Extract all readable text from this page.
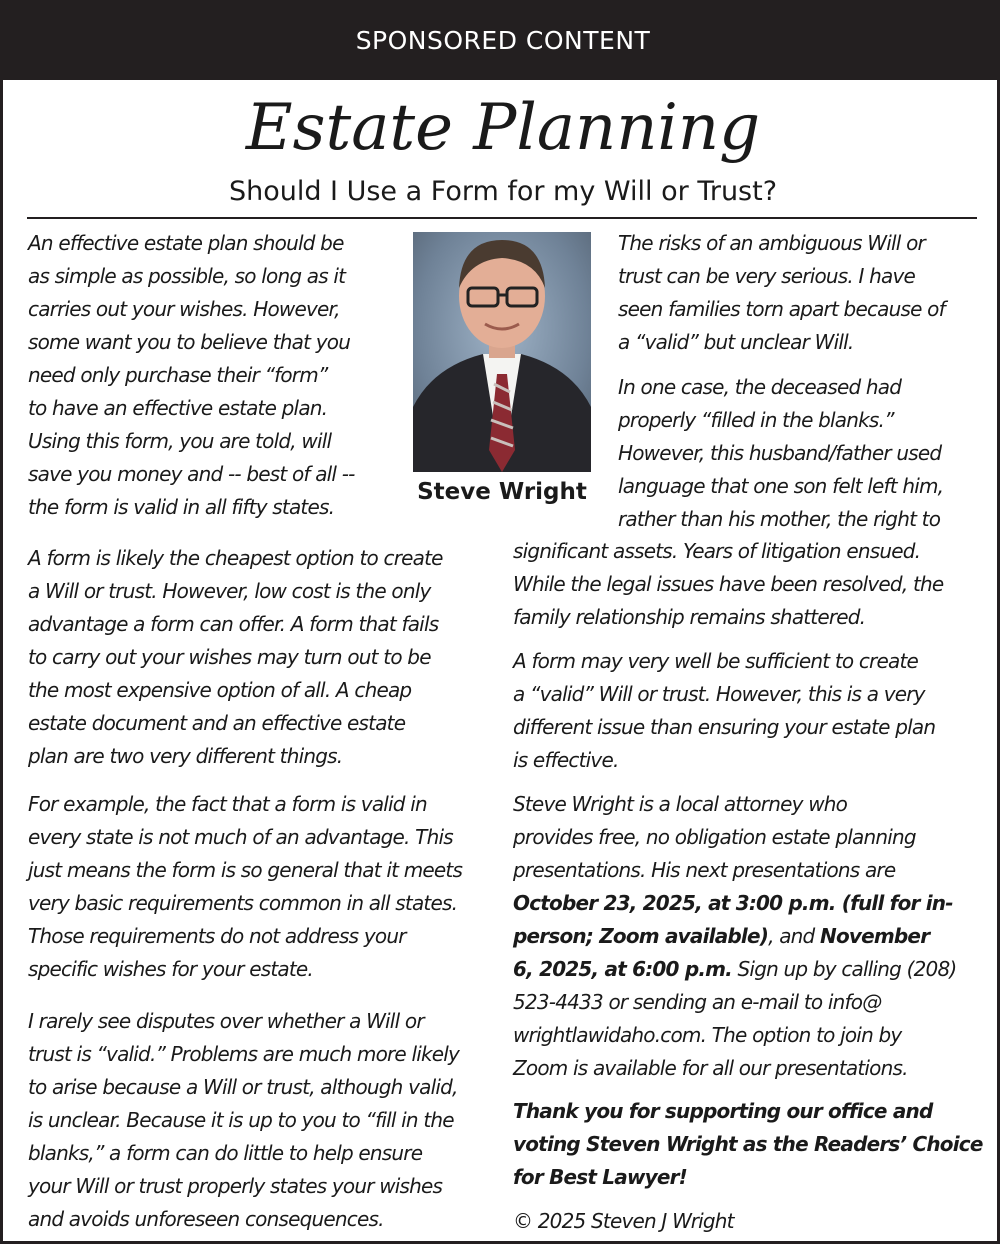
SPONSORED CONTENT
Estate Planning
Should I Use a Form for my Will or Trust?

An effective estate plan should be

as simple as possible, so long as it

carries out your wishes. However,

some want you to believe that you

need only purchase their “form”

to have an effective estate plan.

Using this form, you are told, will

save you money and -- best of all --

the form is valid in all fifty states.

A form is likely the cheapest option to create

a Will or trust. However, low cost is the only

advantage a form can offer. A form that fails

to carry out your wishes may turn out to be

the most expensive option of all. A cheap

estate document and an effective estate

plan are two very different things.

For example, the fact that a form is valid in

every state is not much of an advantage. This

just means the form is so general that it meets

very basic requirements common in all states.

Those requirements do not address your

specific wishes for your estate.

I rarely see disputes over whether a Will or

trust is “valid.” Problems are much more likely

to arise because a Will or trust, although valid,

is unclear. Because it is up to you to “fill in the

blanks,” a form can do little to help ensure

your Will or trust properly states your wishes

and avoids unforeseen consequences.

Steve Wright

The risks of an ambiguous Will or

trust can be very serious. I have

seen families torn apart because of

a “valid” but unclear Will.

In one case, the deceased had

properly “filled in the blanks.”

However, this husband/father used

language that one son felt left him,

rather than his mother, the right to

significant assets. Years of litigation ensued.

While the legal issues have been resolved, the

family relationship remains shattered.

A form may very well be sufficient to create

a “valid” Will or trust. However, this is a very

different issue than ensuring your estate plan

is effective.

Steve Wright is a local attorney who

provides free, no obligation estate planning

presentations. His next presentations are

October 23, 2025, at 3:00 p.m. (full for in-

person; Zoom available), and November

6, 2025, at 6:00 p.m. Sign up by calling (208)

523-4433 or sending an e-mail to info@

wrightlawidaho.com. The option to join by

Zoom is available for all our presentations.

Thank you for supporting our office and

voting Steven Wright as the Readers’ Choice

for Best Lawyer!

© 2025 Steven J Wright
